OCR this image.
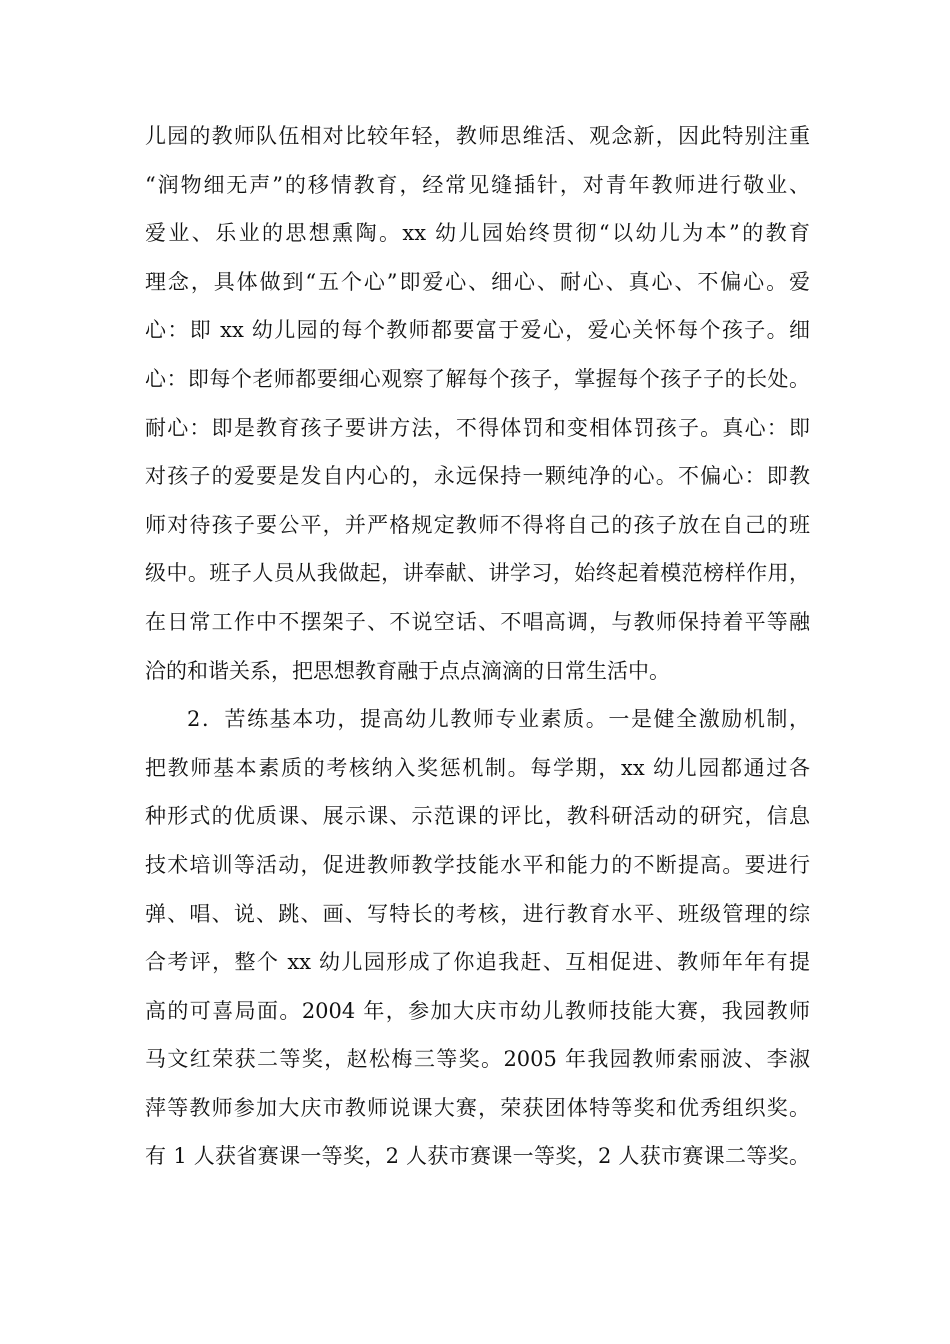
儿园的教师队伍相对比较年轻，教师思维活、观念新，因此特别注重
“润物细无声”的移情教育，经常见缝插针，对青年教师进行敬业、
爱业、乐业的思想熏陶。xx 幼儿园始终贯彻“以幼儿为本”的教育
理念，具体做到“五个心”即爱心、细心、耐心、真心、不偏心。爱
心：即 xx 幼儿园的每个教师都要富于爱心，爱心关怀每个孩子。细
心：即每个老师都要细心观察了解每个孩子，掌握每个孩子子的长处。
耐心：即是教育孩子要讲方法，不得体罚和变相体罚孩子。真心：即
对孩子的爱要是发自内心的，永远保持一颗纯净的心。不偏心：即教
师对待孩子要公平，并严格规定教师不得将自己的孩子放在自己的班
级中。班子人员从我做起，讲奉献、讲学习，始终起着模范榜样作用，
在日常工作中不摆架子、不说空话、不唱高调，与教师保持着平等融
洽的和谐关系，把思想教育融于点点滴滴的日常生活中。
2．苦练基本功，提高幼儿教师专业素质。一是健全激励机制，
把教师基本素质的考核纳入奖惩机制。每学期，xx 幼儿园都通过各
种形式的优质课、展示课、示范课的评比，教科研活动的研究，信息
技术培训等活动，促进教师教学技能水平和能力的不断提高。要进行
弹、唱、说、跳、画、写特长的考核，进行教育水平、班级管理的综
合考评，整个 xx 幼儿园形成了你追我赶、互相促进、教师年年有提
高的可喜局面。2004 年，参加大庆市幼儿教师技能大赛，我园教师
马文红荣获二等奖，赵松梅三等奖。2005 年我园教师索丽波、李淑
萍等教师参加大庆市教师说课大赛，荣获团体特等奖和优秀组织奖。
有 1 人获省赛课一等奖，2 人获市赛课一等奖，2 人获市赛课二等奖。
